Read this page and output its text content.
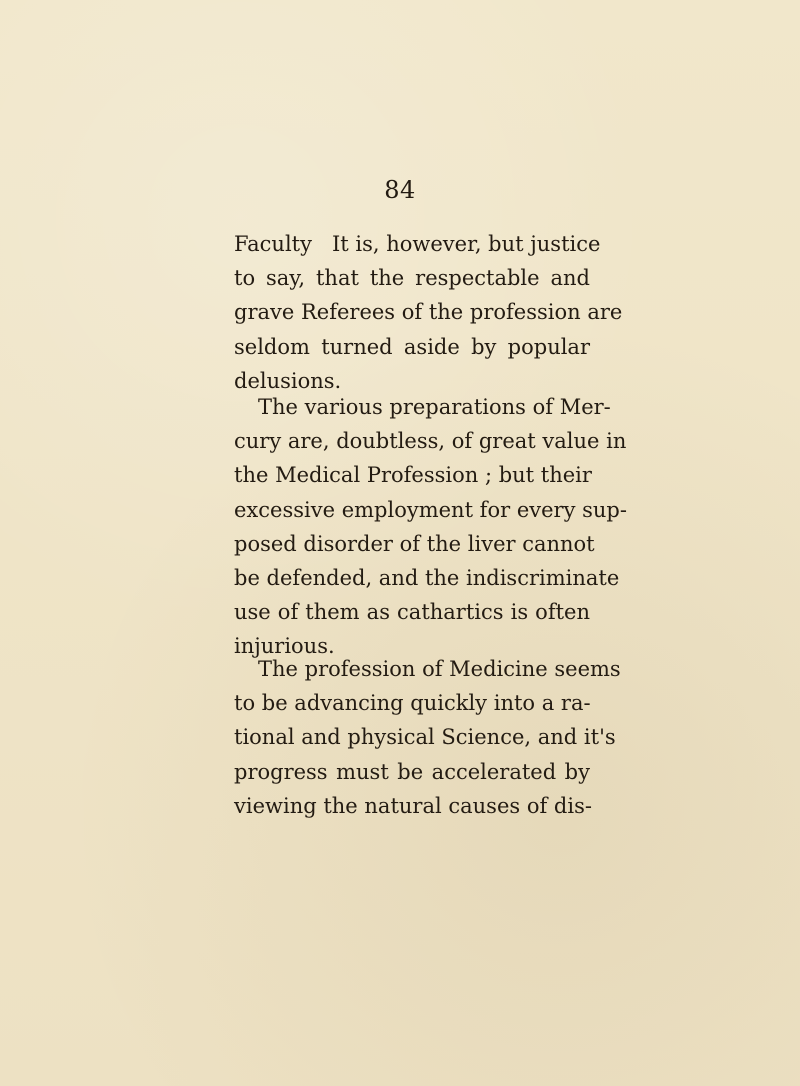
84
Faculty It is, however, but justice
to say, that the respectable and
grave Referees of the profession are
seldom turned aside by popular
delusions.
The various preparations of Mer-
cury are, doubtless, of great value in
the Medical Profession ; but their
excessive employment for every sup-
posed disorder of the liver cannot
be defended, and the indiscriminate
use of them as cathartics is often
injurious.
The profession of Medicine seems
to be advancing quickly into a ra-
tional and physical Science, and it's
progress must be accelerated by
viewing the natural causes of dis-
